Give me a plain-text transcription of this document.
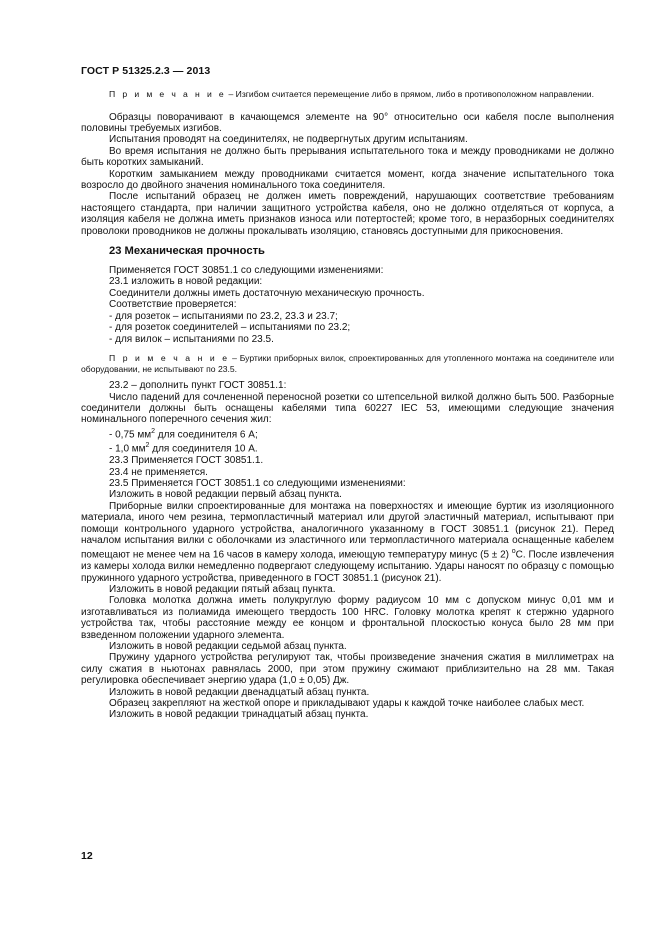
ГОСТ Р 51325.2.3 — 2013

П р и м е ч а н и е – Изгибом считается перемещение либо в прямом, либо в противоположном направлении.

Образцы поворачивают в качающемся элементе на 90° относительно оси кабеля после выполнения половины требуемых изгибов.

Испытания проводят на соединителях, не подвергнутых другим испытаниям.

Во время испытания не должно быть прерывания испытательного тока и между проводниками не должно быть коротких замыканий.

Коротким замыканием между проводниками считается момент, когда значение испытательного тока возросло до двойного значения номинального тока соединителя.

После испытаний образец не должен иметь повреждений, нарушающих соответствие требованиям настоящего стандарта, при наличии защитного устройства кабеля, оно не должно отделяться от корпуса, а изоляция кабеля не должна иметь признаков износа или потертостей; кроме того, в неразборных соединителях проволоки проводников не должны прокалывать изоляцию, становясь доступными для прикосновения.

23 Механическая прочность

Применяется ГОСТ 30851.1 со следующими изменениями:

23.1 изложить в новой редакции:

Соединители должны иметь достаточную механическую прочность.

Соответствие проверяется:

- для розеток – испытаниями по 23.2, 23.3 и 23.7;

- для розеток соединителей – испытаниями по 23.2;

- для вилок – испытаниями по 23.5.

П р и м е ч а н и е – Буртики приборных вилок, спроектированных для утопленного монтажа на соединителе или оборудовании, не испытывают по 23.5.

23.2 – дополнить пункт ГОСТ 30851.1:

Число падений для сочлененной переносной розетки со штепсельной вилкой должно быть 500. Разборные соединители должны быть оснащены кабелями типа 60227 IEC 53, имеющими следующие значения номинального поперечного сечения жил:

- 0,75 $мм^2$ для соединителя 6 А;

- 1,0 $мм^2$ для соединителя 10 А.

23.3 Применяется ГОСТ 30851.1.

23.4 не применяется.

23.5 Применяется ГОСТ 30851.1 со следующими изменениями:

Изложить в новой редакции первый абзац пункта.

Приборные вилки спроектированные для монтажа на поверхностях и имеющие буртик из изоляционного материала, иного чем резина, термопластичный материал или другой эластичный материал, испытывают при помощи контрольного ударного устройства, аналогичного указанному в ГОСТ 30851.1 (рисунок 21). Перед началом испытания вилки с оболочками из эластичного или термопластичного материала оснащенные кабелем помещают не менее чем на 16 часов в камеру холода, имеющую температуру минус (5 ± 2) $^о$С. После извлечения из камеры холода вилки немедленно подвергают следующему испытанию. Удары наносят по образцу с помощью пружинного ударного устройства, приведенного в ГОСТ 30851.1 (рисунок 21).

Изложить в новой редакции пятый абзац пункта.

Головка молотка должна иметь полукруглую форму радиусом 10 мм с допуском минус 0,01 мм и изготавливаться из полиамида имеющего твердость 100 HRC. Головку молотка крепят к стержню ударного устройства так, чтобы расстояние между ее концом и фронтальной плоскостью конуса было 28 мм при взведенном положении ударного элемента.

Изложить в новой редакции седьмой абзац пункта.

Пружину ударного устройства регулируют так, чтобы произведение значения сжатия в миллиметрах на силу сжатия в ньютонах равнялась 2000, при этом пружину сжимают приблизительно на 28 мм. Такая регулировка обеспечивает энергию удара (1,0 ± 0,05) Дж.

Изложить в новой редакции двенадцатый абзац пункта.

Образец закрепляют на жесткой опоре и прикладывают удары к каждой точке наиболее слабых мест.

Изложить в новой редакции тринадцатый абзац пункта.

12
